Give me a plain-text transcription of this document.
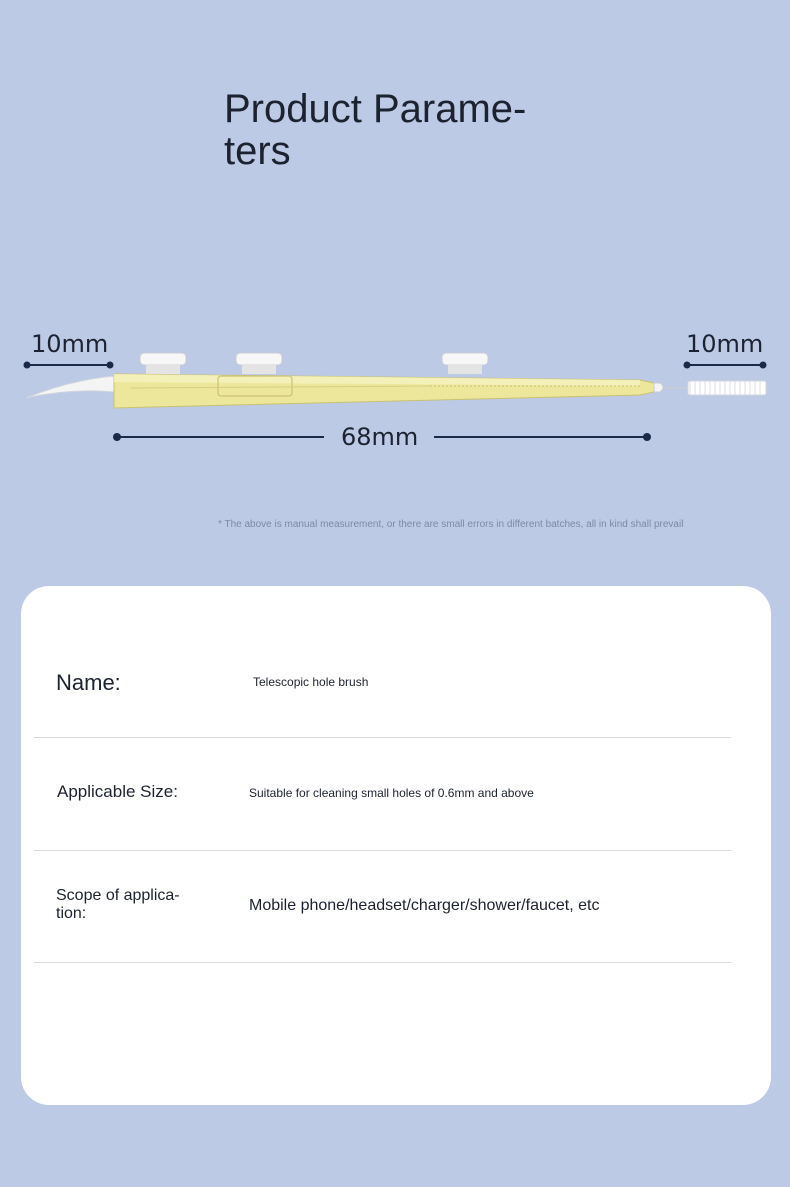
Product Parame-
ters
10mm	10mm
68mm
* The above is manual measurement, or there are small errors in different batches, all in kind shall prevail
Name:	Telescopic hole brush
Applicable Size:	Suitable for cleaning small holes of 0.6mm and above
Scope of applica-tion:	Mobile phone/headset/charger/shower/faucet, etc
